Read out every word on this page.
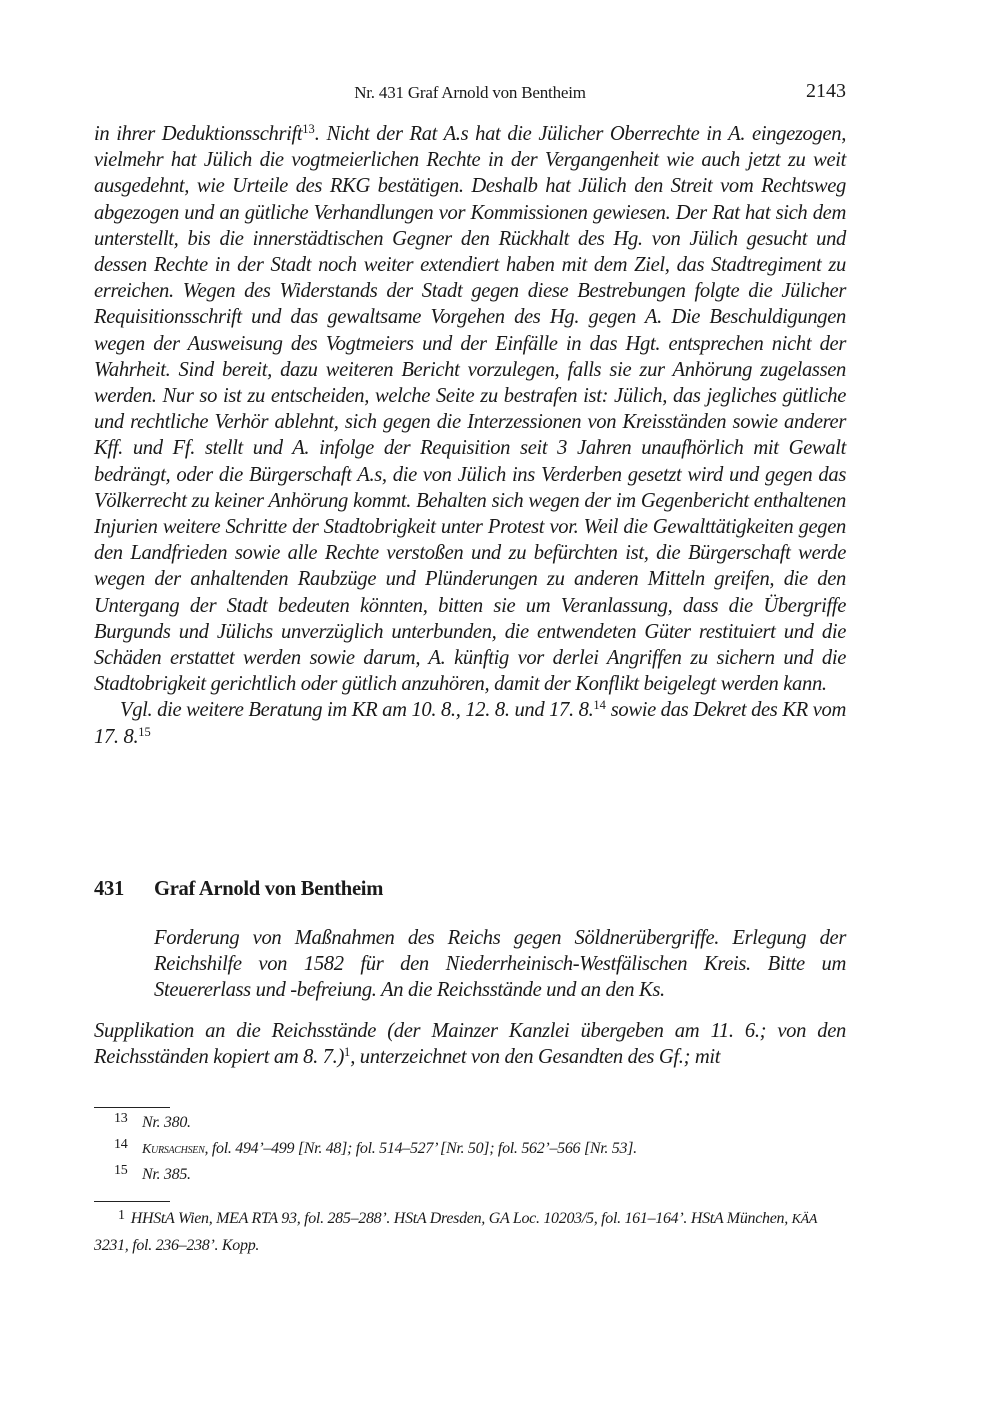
Nr. 431 Graf Arnold von Bentheim	2143

in ihrer Deduktionsschrift$^{13}$. Nicht der Rat A.s hat die Jülicher Oberrechte in A. eingezogen, vielmehr hat Jülich die vogtmeierlichen Rechte in der Vergangenheit wie auch jetzt zu weit ausgedehnt, wie Urteile des RKG bestätigen. Deshalb hat Jülich den Streit vom Rechtsweg abgezogen und an gütliche Verhandlungen vor Kommissionen gewiesen. Der Rat hat sich dem unterstellt, bis die innerstädtischen Gegner den Rückhalt des Hg. von Jülich gesucht und dessen Rechte in der Stadt noch weiter extendiert haben mit dem Ziel, das Stadtregiment zu erreichen. Wegen des Widerstands der Stadt gegen diese Bestrebungen folgte die Jülicher Requisitionsschrift und das gewaltsame Vorgehen des Hg. gegen A. Die Beschuldigungen wegen der Ausweisung des Vogtmeiers und der Einfälle in das Hgt. entsprechen nicht der Wahrheit. Sind bereit, dazu weiteren Bericht vorzulegen, falls sie zur Anhörung zugelassen werden. Nur so ist zu entscheiden, welche Seite zu bestrafen ist: Jülich, das jegliches gütliche und rechtliche Verhör ablehnt, sich gegen die Interzessionen von Kreisständen sowie anderer Kff. und Ff. stellt und A. infolge der Requisition seit 3 Jahren unaufhörlich mit Gewalt bedrängt, oder die Bürgerschaft A.s, die von Jülich ins Verderben gesetzt wird und gegen das Völkerrecht zu keiner Anhörung kommt. Behalten sich wegen der im Gegenbericht enthaltenen Injurien weitere Schritte der Stadtobrigkeit unter Protest vor. Weil die Gewalttätigkeiten gegen den Landfrieden sowie alle Rechte verstoßen und zu befürchten ist, die Bürgerschaft werde wegen der anhaltenden Raubzüge und Plünderungen zu anderen Mitteln greifen, die den Untergang der Stadt bedeuten könnten, bitten sie um Veranlassung, dass die Übergriffe Burgunds und Jülichs unverzüglich unterbunden, die entwendeten Güter restituiert und die Schäden erstattet werden sowie darum, A. künftig vor derlei Angriffen zu sichern und die Stadtobrigkeit gerichtlich oder gütlich anzuhören, damit der Konflikt beigelegt werden kann.

Vgl. die weitere Beratung im KR am 10. 8., 12. 8. und 17. 8.14 sowie das Dekret des KR vom 17. 8.15

431 Graf Arnold von Bentheim

Forderung von Maßnahmen des Reichs gegen Söldnerübergriffe. Erlegung der Reichshilfe von 1582 für den Niederrheinisch-Westfälischen Kreis. Bitte um Steuererlass und -befreiung. An die Reichsstände und an den Ks.

Supplikation an die Reichsstände (der Mainzer Kanzlei übergeben am 11. 6.; von den Reichsständen kopiert am 8. 7.)$^1$, unterzeichnet von den Gesandten des Gf.; mit

13 Nr. 380.
14 Kursachsen, fol. 494’–499 [Nr. 48]; fol. 514–527’ [Nr. 50]; fol. 562’–566 [Nr. 53].
15 Nr. 385.
1 HHStA Wien, MEA RTA 93, fol. 285–288’. HStA Dresden, GA Loc. 10203/5, fol. 161–164’. HStA München, KÄA 3231, fol. 236–238’. Kopp.
